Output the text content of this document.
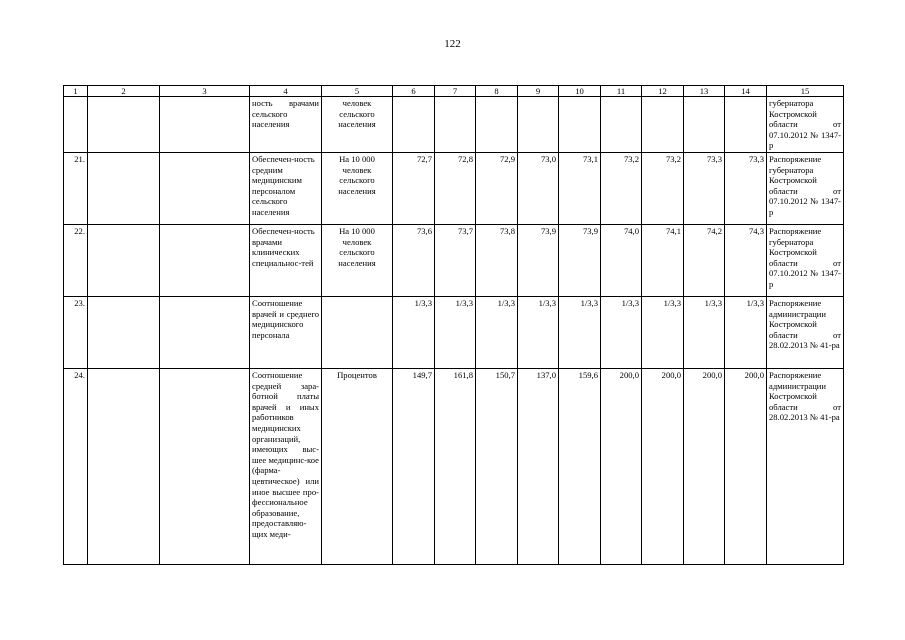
122
1	2	3	4	5	6	7	8	9	10	11	12	13	14	15
			ность врачами сельского населения	человек сельского населения										губернатора Костромской области от 07.10.2012 № 1347-р
21.			Обеспечен-ность средним медицинским персоналом сельского населения	На 10 000 человек сельского населения	72,7	72,8	72,9	73,0	73,1	73,2	73,2	73,3	73,3	Распоряжение губернатора Костромской области от 07.10.2012 № 1347-р
22.			Обеспечен-ность врачами клинических специальнос-тей	На 10 000 человек сельского населения	73,6	73,7	73,8	73,9	73,9	74,0	74,1	74,2	74,3	Распоряжение губернатора Костромской области от 07.10.2012 № 1347-р
23.			Соотношение врачей и среднего медицинского персонала		1/3,3	1/3,3	1/3,3	1/3,3	1/3,3	1/3,3	1/3,3	1/3,3	1/3,3	Распоряжение администрации Костромской области от 28.02.2013 № 41-ра
24.			Соотношение средней зара-ботной платы врачей и иных работников медицинских организаций, имеющих выс-шее медицинс-кое (фарма-цевтическое) или иное высшее про-фессиональное образование, предоставляю-щих меди-	Процентов	149,7	161,8	150,7	137,0	159,6	200,0	200,0	200,0	200,0	Распоряжение администрации Костромской области от 28.02.2013 № 41-ра
